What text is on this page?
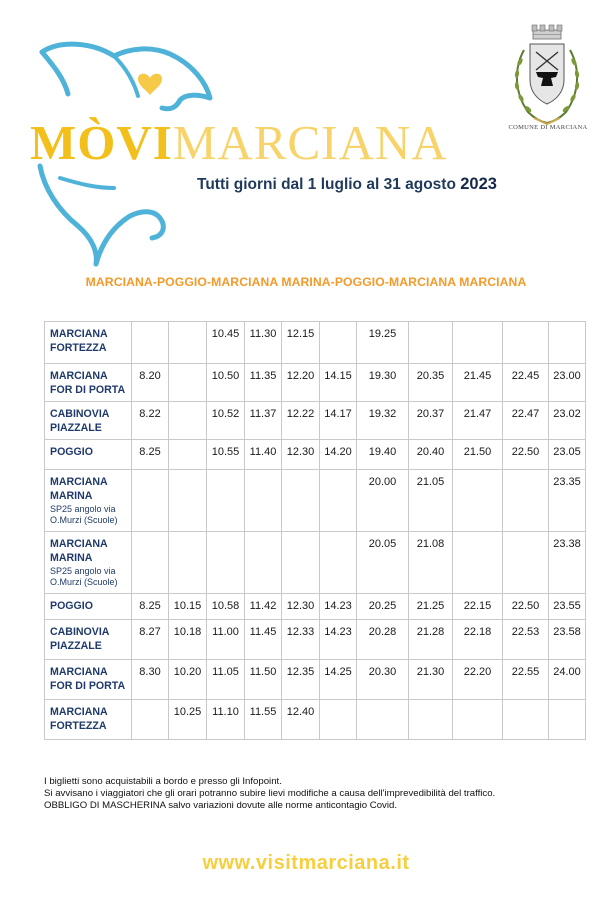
MÒVIMARCIANA
Tutti giorni dal 1 luglio al 31 agosto 2023
COMUNE DI MARCIANA
MARCIANA-POGGIO-MARCIANA MARINA-POGGIO-MARCIANA MARCIANA
MARCIANA FORTEZZA			10.45	11.30	12.15		19.25				
MARCIANA FOR DI PORTA	8.20		10.50	11.35	12.20	14.15	19.30	20.35	21.45	22.45	23.00
CABINOVIA PIAZZALE	8.22		10.52	11.37	12.22	14.17	19.32	20.37	21.47	22.47	23.02
POGGIO	8.25		10.55	11.40	12.30	14.20	19.40	20.40	21.50	22.50	23.05
MARCIANA MARINA
SP25 angolo via O.Murzi (Scuole)							20.00	21.05			23.35
MARCIANA MARINA
SP25 angolo via O.Murzi (Scuole)							20.05	21.08			23.38
POGGIO	8.25	10.15	10.58	11.42	12.30	14.23	20.25	21.25	22.15	22.50	23.55
CABINOVIA PIAZZALE	8.27	10.18	11.00	11.45	12.33	14.23	20.28	21.28	22.18	22.53	23.58
MARCIANA FOR DI PORTA	8.30	10.20	11.05	11.50	12.35	14.25	20.30	21.30	22.20	22.55	24.00
MARCIANA FORTEZZA		10.25	11.10	11.55	12.40						
I biglietti sono acquistabili a bordo e presso gli Infopoint.
Si avvisano i viaggiatori che gli orari potranno subire lievi modifiche a causa dell'imprevedibilità del traffico.
OBBLIGO DI MASCHERINA salvo variazioni dovute alle norme anticontagio Covid.
www.visitmarciana.it
